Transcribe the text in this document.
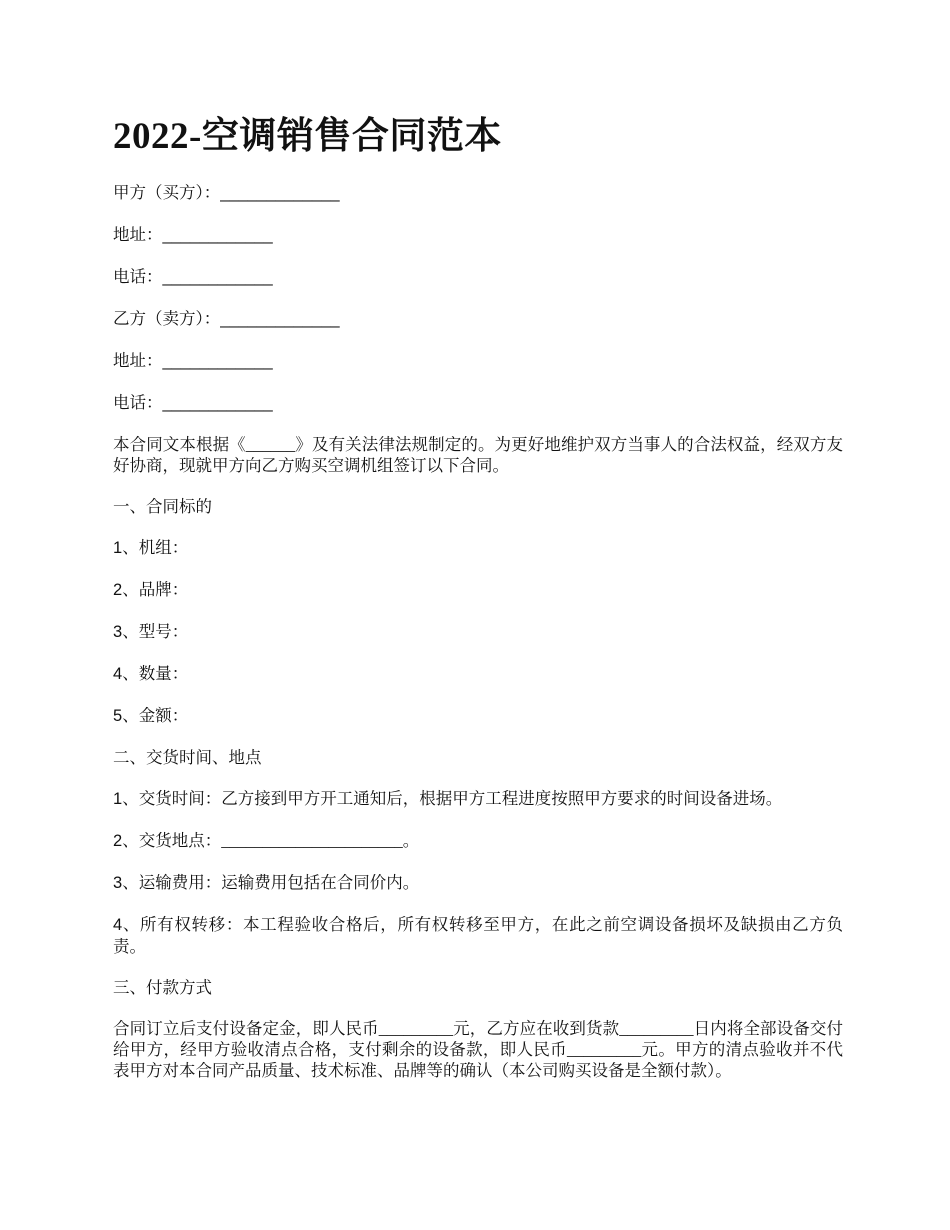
2022-空调销售合同范本
甲方（买方）：_____________
地址：____________
电话：____________
乙方（卖方）：_____________
地址：____________
电话：____________

本合同文本根据《______》及有关法律法规制定的。为更好地维护双方当事人的合法权益，经双方友好协商，现就甲方向乙方购买空调机组签订以下合同。

一、合同标的
1、机组：
2、品牌：
3、型号：
4、数量：
5、金额：
二、交货时间、地点

1、交货时间：乙方接到甲方开工通知后，根据甲方工程进度按照甲方要求的时间设备进场。

2、交货地点：______________________。

3、运输费用：运输费用包括在合同价内。

4、所有权转移：本工程验收合格后，所有权转移至甲方，在此之前空调设备损坏及缺损由乙方负责。

三、付款方式

合同订立后支付设备定金，即人民币_________元，乙方应在收到货款_________日内将全部设备交付给甲方，经甲方验收清点合格，支付剩余的设备款，即人民币_________元。甲方的清点验收并不代表甲方对本合同产品质量、技术标准、品牌等的确认（本公司购买设备是全额付款）。
